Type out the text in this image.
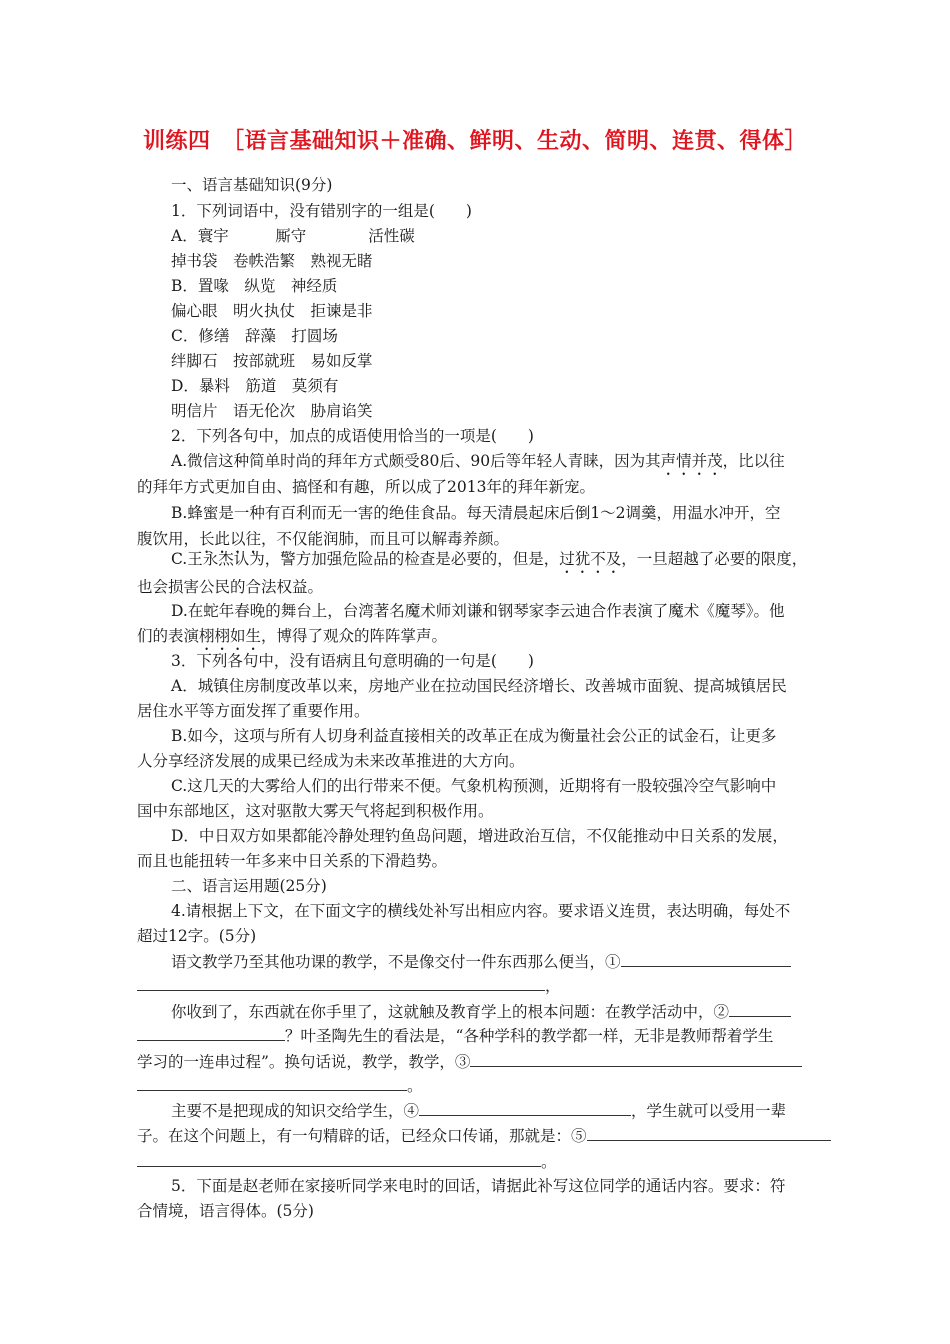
训练四　［语言基础知识＋准确、鲜明、生动、简明、连贯、得体］
一、语言基础知识(9分)
1．下列词语中，没有错别字的一组是(　　)
A．寰宇　　　厮守　　　　活性碳
掉书袋　卷帙浩繁　熟视无睹
B．置喙　纵览　神经质
偏心眼　明火执仗　拒谏是非
C．修缮　辞藻　打圆场
绊脚石　按部就班　易如反掌
D．暴料　筋道　莫须有
明信片　语无伦次　胁肩谄笑
2．下列各句中，加点的成语使用恰当的一项是(　　)
A.微信这种简单时尚的拜年方式颇受80后、90后等年轻人青睐，因为其声情并茂，比以往
的拜年方式更加自由、搞怪和有趣，所以成了2013年的拜年新宠。
B.蜂蜜是一种有百利而无一害的绝佳食品。每天清晨起床后倒1～2调羹，用温水冲开，空
腹饮用，长此以往，不仅能润肺，而且可以解毒养颜。
C.王永杰认为，警方加强危险品的检查是必要的，但是，过犹不及，一旦超越了必要的限度，
也会损害公民的合法权益。
D.在蛇年春晚的舞台上，台湾著名魔术师刘谦和钢琴家李云迪合作表演了魔术《魔琴》。他
们的表演栩栩如生，博得了观众的阵阵掌声。
3．下列各句中，没有语病且句意明确的一句是(　　)
A．城镇住房制度改革以来，房地产业在拉动国民经济增长、改善城市面貌、提高城镇居民
居住水平等方面发挥了重要作用。
B.如今，这项与所有人切身利益直接相关的改革正在成为衡量社会公正的试金石，让更多
人分享经济发展的成果已经成为未来改革推进的大方向。
C.这几天的大雾给人们的出行带来不便。气象机构预测，近期将有一股较强冷空气影响中
国中东部地区，这对驱散大雾天气将起到积极作用。
D．中日双方如果都能冷静处理钓鱼岛问题，增进政治互信，不仅能推动中日关系的发展，
而且也能扭转一年多来中日关系的下滑趋势。
二、语言运用题(25分)
4.请根据上下文，在下面文字的横线处补写出相应内容。要求语义连贯，表达明确，每处不
超过12字。(5分)
语文教学乃至其他功课的教学，不是像交付一件东西那么便当，①
，
你收到了，东西就在你手里了，这就触及教育学上的根本问题：在教学活动中，②
？叶圣陶先生的看法是，“各种学科的教学都一样，无非是教师帮着学生
学习的一连串过程”。换句话说，教学，教学，③
。
主要不是把现成的知识交给学生，④	，学生就可以受用一辈
子。在这个问题上，有一句精辟的话，已经众口传诵，那就是：⑤
。
5．下面是赵老师在家接听同学来电时的回话，请据此补写这位同学的通话内容。要求：符
合情境，语言得体。(5分)
